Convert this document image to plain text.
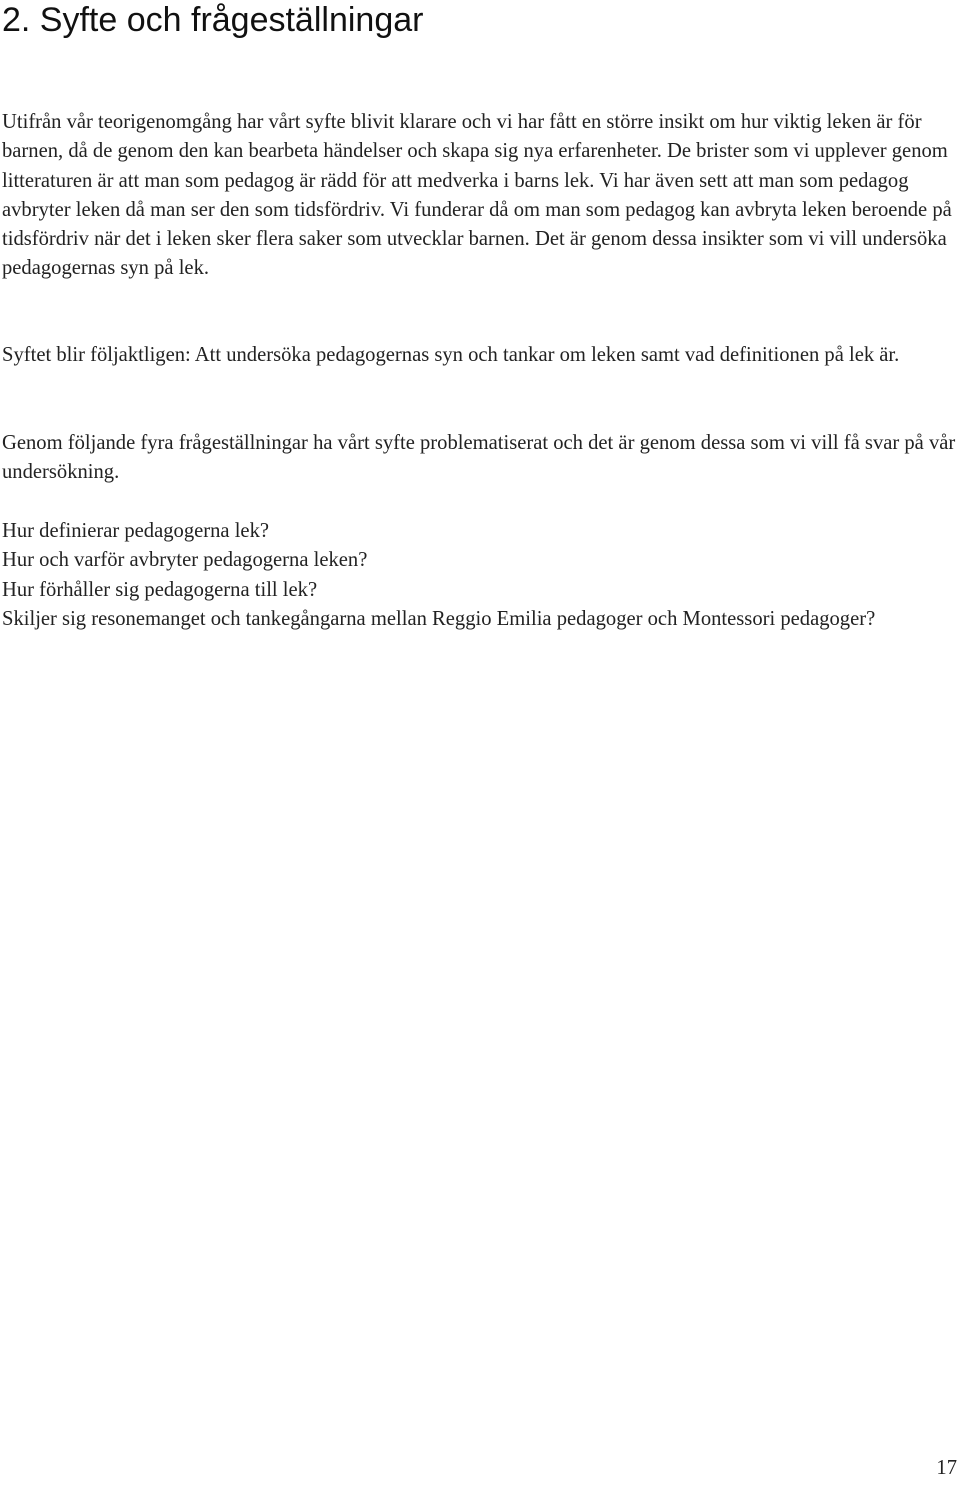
2. Syfte och frågeställningar

Utifrån vår teorigenomgång har vårt syfte blivit klarare och vi har fått en större insikt om hur viktig leken är för barnen, då de genom den kan bearbeta händelser och skapa sig nya erfarenheter. De brister som vi upplever genom litteraturen är att man som pedagog är rädd för att medverka i barns lek. Vi har även sett att man som pedagog avbryter leken då man ser den som tidsfördriv. Vi funderar då om man som pedagog kan avbryta leken beroende på tidsfördriv när det i leken sker flera saker som utvecklar barnen. Det är genom dessa insikter som vi vill undersöka pedagogernas syn på lek.

Syftet blir följaktligen: Att undersöka pedagogernas syn och tankar om leken samt vad definitionen på lek är.

Genom följande fyra frågeställningar ha vårt syfte problematiserat och det är genom dessa som vi vill få svar på vår undersökning.

Hur definierar pedagogerna lek?
Hur och varför avbryter pedagogerna leken?
Hur förhåller sig pedagogerna till lek?
Skiljer sig resonemanget och tankegångarna mellan Reggio Emilia pedagoger och Montessori pedagoger?
17
